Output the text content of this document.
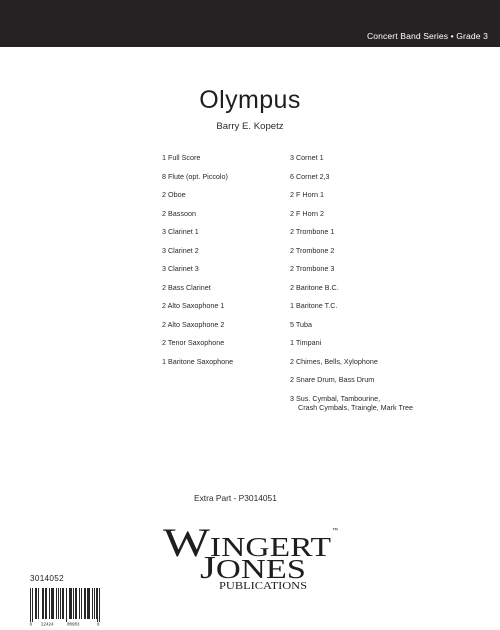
Concert Band Series • Grade 3
Olympus
Barry E. Kopetz
1 Full Score
8 Flute (opt. Piccolo)
2 Oboe
2 Bassoon
3 Clarinet 1
3 Clarinet 2
3 Clarinet 3
2 Bass Clarinet
2 Alto Saxophone 1
2 Alto Saxophone 2
2 Tenor Saxophone
1 Baritone Saxophone
3 Cornet 1
6 Cornet 2,3
2 F Horn 1
2 F Horn 2
2 Trombone 1
2 Trombone 2
2 Trombone 3
2 Baritone B.C.
1 Baritone T.C.
5 Tuba
1 Timpani
2 Chimes, Bells, Xylophone
2 Snare Drum, Bass Drum
3 Sus. Cymbal, Tambourine,
Crash Cymbals, Traingle, Mark Tree
Extra Part - P3014051
W INGERT
™
J ONES
PUBLICATIONS
3014052
8 22424	00903	8
